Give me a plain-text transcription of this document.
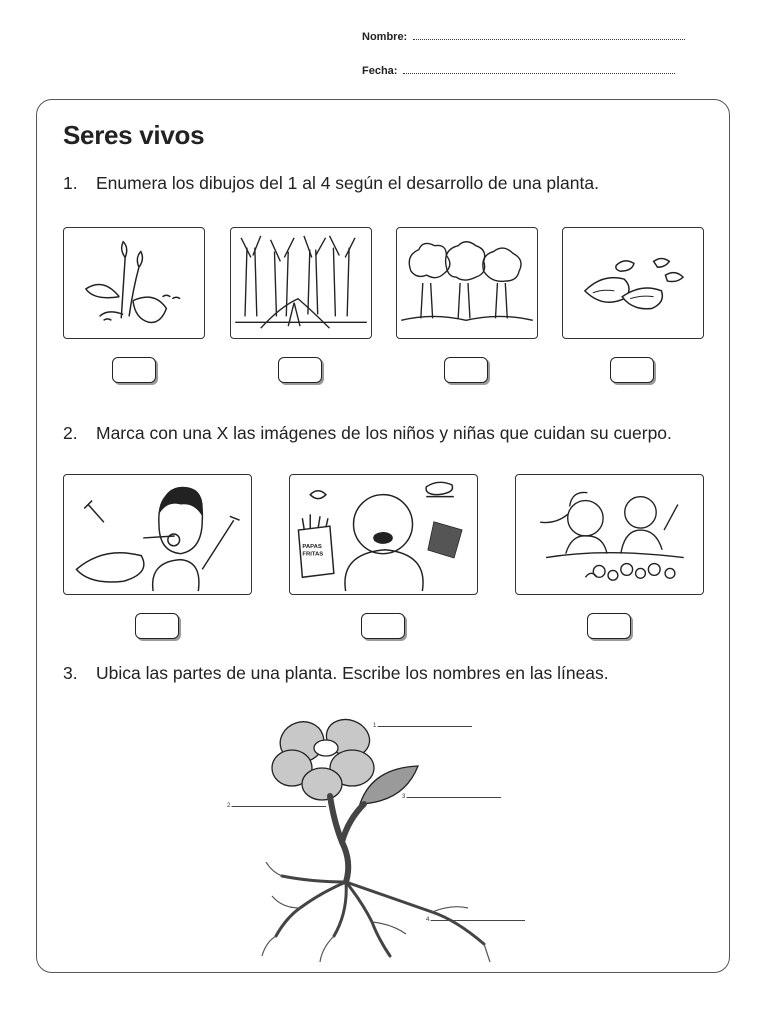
Nombre:
Fecha:
Seres vivos

1. Enumera los dibujos del 1 al 4 según el desarrollo de una planta.

2. Marca con una X las imágenes de los niños y niñas que cuidan su cuerpo.

PAPAS
FRITAS

3. Ubica las partes de una planta. Escribe los nombres en las líneas.

1.
2.
3.
4.
